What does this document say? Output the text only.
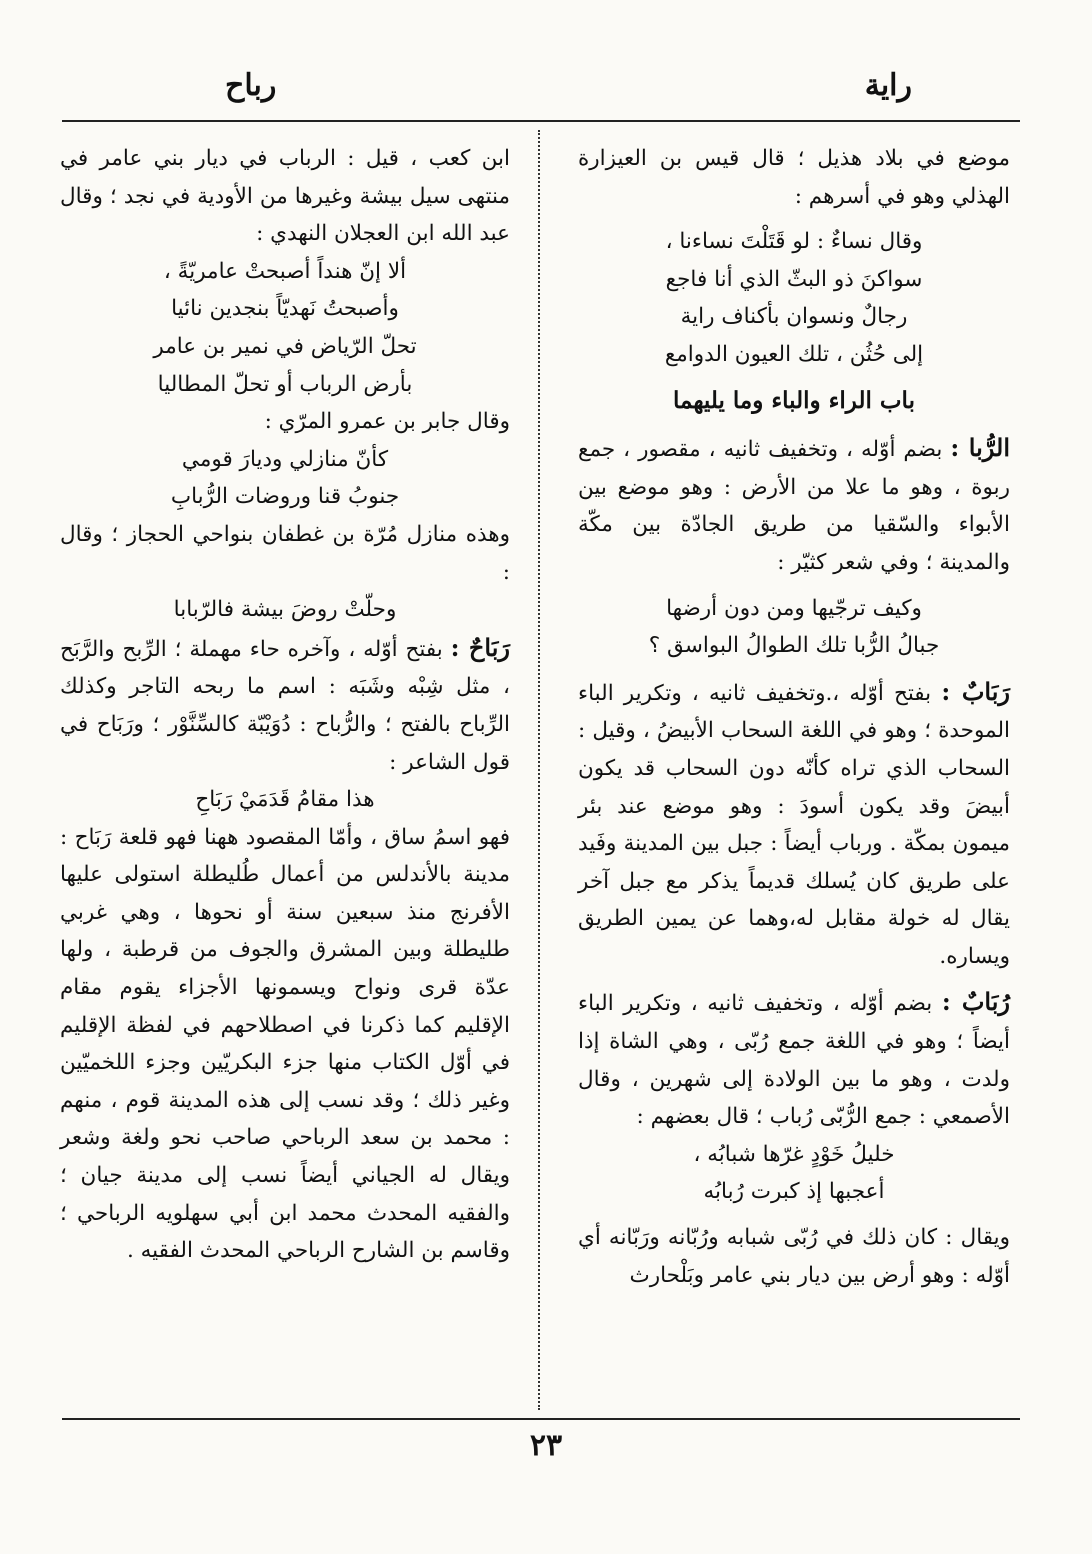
راية
رباح

موضع في بلاد هذيل ؛ قال قيس بن العيزارة الهذلي وهو في أسرهم :

وقال نساءٌ : لو قَتَلْتَ نساءنا ،

سواكنَ ذو البثّ الذي أنا فاجع

رجالٌ ونسوان بأكناف راية

إلى حُثُن ، تلك العيون الدوامع

باب الراء والباء وما يليهما

الرُّبا : بضم أوّله ، وتخفيف ثانيه ، مقصور ، جمع ربوة ، وهو ما علا من الأرض : وهو موضع بين الأبواء والسّقيا من طريق الجادّة بين مكّة والمدينة ؛ وفي شعر كثيّر :

وكيف ترجّيها ومن دون أرضها

جبالُ الرُّبا تلك الطوالُ البواسق ؟

رَبَابٌ : بفتح أوّله ،.وتخفيف ثانيه ، وتكرير الباء الموحدة ؛ وهو في اللغة السحاب الأبيضُ ، وقيل : السحاب الذي تراه كأنّه دون السحاب قد يكون أبيضَ وقد يكون أسودَ : وهو موضع عند بئر ميمون بمكّة . ورباب أيضاً : جبل بين المدينة وفَيد على طريق كان يُسلك قديماً يذكر مع جبل آخر يقال له خولة مقابل له،وهما عن يمين الطريق ويساره.

رُبَابٌ : بضم أوّله ، وتخفيف ثانيه ، وتكرير الباء أيضاً ؛ وهو في اللغة جمع رُبّى ، وهي الشاة إذا ولدت ، وهو ما بين الولادة إلى شهرين ، وقال الأصمعي : جمع الرُّبّى رُباب ؛ قال بعضهم :

خليلُ خَوْدٍ غرّها شبابُه ،

أعجبها إذ كبرت رُبابُه

ويقال : كان ذلك في رُبّى شبابه ورُبّانه ورَبّانه أي أوّله : وهو أرض بين ديار بني عامر وبَلْحارث

ابن كعب ، قيل : الرباب في ديار بني عامر في منتهى سيل بيشة وغيرها من الأودية في نجد ؛ وقال عبد الله ابن العجلان النهدي :

ألا إنّ هنداً أصبحتْ عامريّةً ،

وأصبحتُ نَهديّاً بنجدين نائيا

تحلّ الرّياض في نمير بن عامر

بأرض الرباب أو تحلّ المطاليا

وقال جابر بن عمرو المرّي :

كأنّ منازلي وديارَ قومي

جنوبُ قنا وروضات الرُّبابِ

وهذه منازل مُرّة بن غطفان بنواحي الحجاز ؛ وقال :

وحلّتْ روضَ بيشة فالرّبابا

رَبَاحٌ : بفتح أوّله ، وآخره حاء مهملة ؛ الرِّبح والرَّبَح ، مثل شِبْه وشَبَه : اسم ما ربحه التاجر وكذلك الرِّباح بالفتح ؛ والرُّباح : دُوَيْبّة كالسِّنَّوْر ؛ ورَبَاح في قول الشاعر :

هذا مقامُ قَدَمَيْ رَبَاحِ

فهو اسمُ ساق ، وأمّا المقصود ههنا فهو قلعة رَبَاح : مدينة بالأندلس من أعمال طُليطلة استولى عليها الأفرنج منذ سبعين سنة أو نحوها ، وهي غربي طليطلة وبين المشرق والجوف من قرطبة ، ولها عدّة قرى ونواح ويسمونها الأجزاء يقوم مقام الإقليم كما ذكرنا في اصطلاحهم في لفظة الإقليم في أوّل الكتاب منها جزء البكريّين وجزء اللخميّين وغير ذلك ؛ وقد نسب إلى هذه المدينة قوم ، منهم : محمد بن سعد الرباحي صاحب نحو ولغة وشعر ويقال له الجياني أيضاً نسب إلى مدينة جيان ؛ والفقيه المحدث محمد ابن أبي سهلويه الرباحي ؛ وقاسم بن الشارح الرباحي المحدث الفقيه .

٢٣
